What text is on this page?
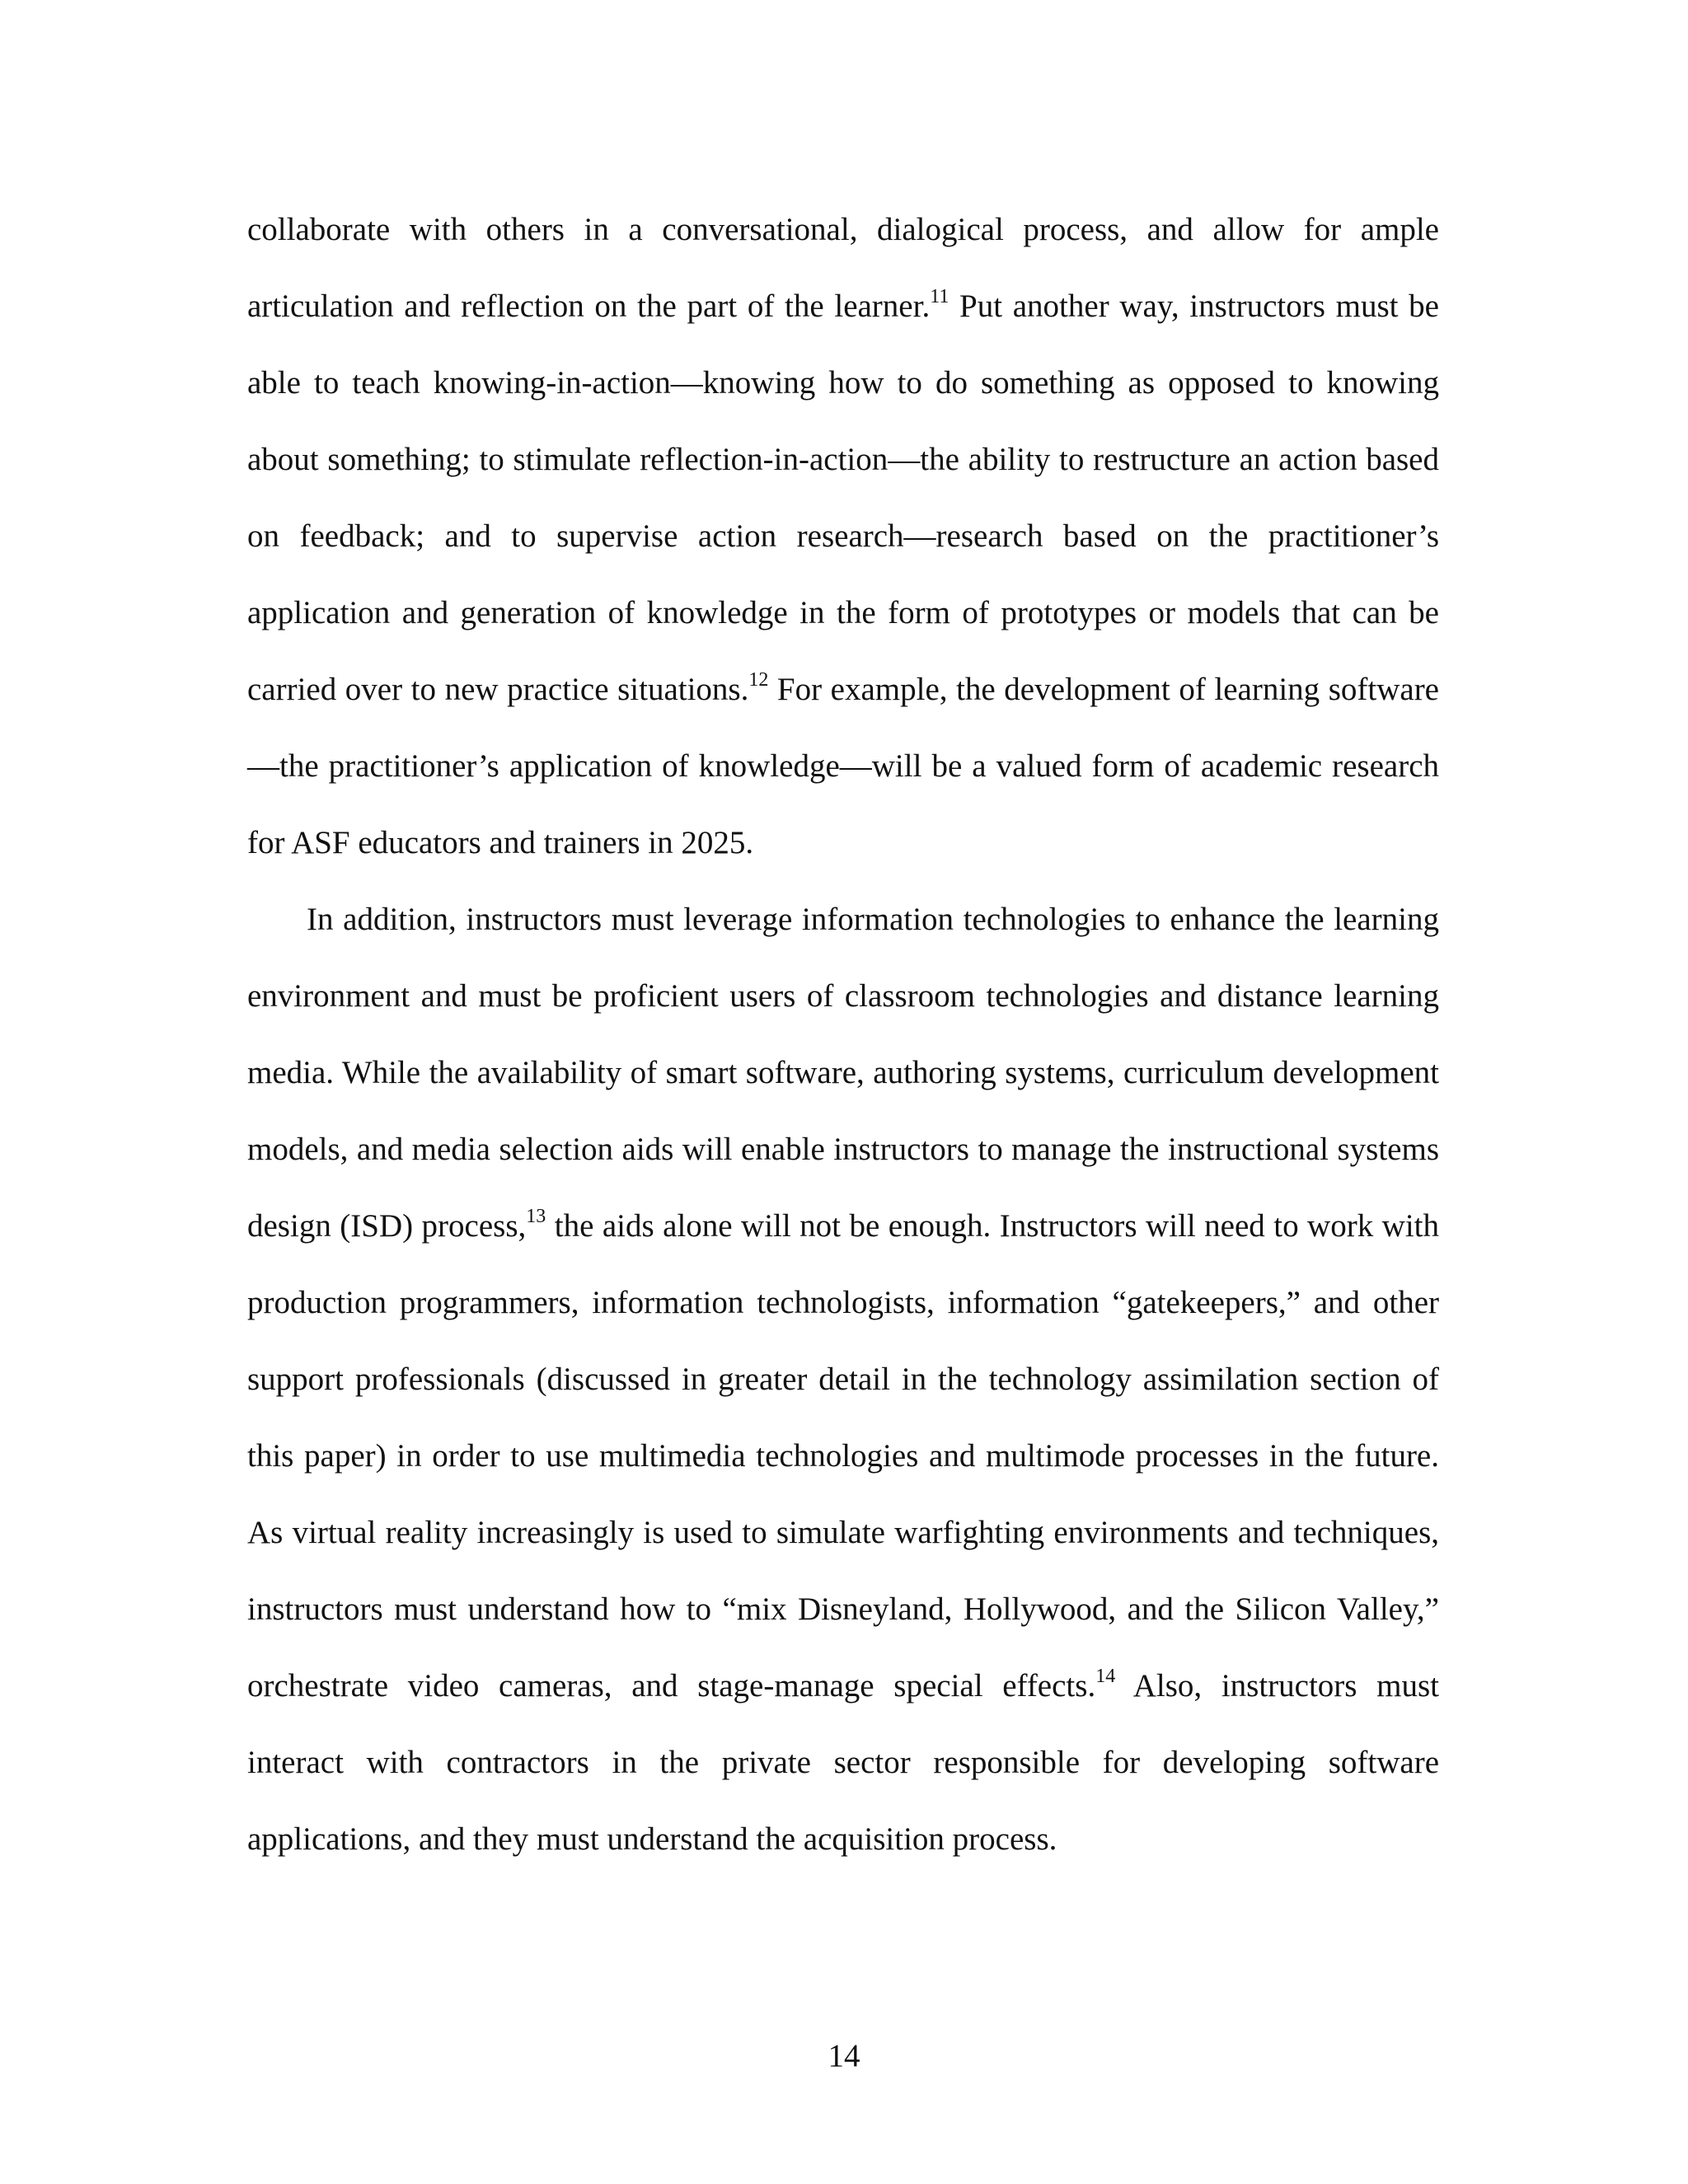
collaborate with others in a conversational, dialogical process, and allow for ample articulation and reflection on the part of the learner.$^{11}$ Put another way, instructors must be able to teach knowing-in-action—knowing how to do something as opposed to knowing about something; to stimulate reflection-in-action—the ability to restructure an action based on feedback; and to supervise action research—research based on the practitioner’s application and generation of knowledge in the form of prototypes or models that can be carried over to new practice situations.$^{12}$ For example, the development of learning software—the practitioner’s application of knowledge—will be a valued form of academic research for ASF educators and trainers in 2025.

In addition, instructors must leverage information technologies to enhance the learning environment and must be proficient users of classroom technologies and distance learning media. While the availability of smart software, authoring systems, curriculum development models, and media selection aids will enable instructors to manage the instructional systems design (ISD) process,$^{13}$ the aids alone will not be enough. Instructors will need to work with production programmers, information technologists, information “gatekeepers,” and other support professionals (discussed in greater detail in the technology assimilation section of this paper) in order to use multimedia technologies and multimode processes in the future. As virtual reality increasingly is used to simulate warfighting environments and techniques, instructors must understand how to “mix Disneyland, Hollywood, and the Silicon Valley,” orchestrate video cameras, and stage-manage special effects.$^{14}$ Also, instructors must interact with contractors in the private sector responsible for developing software applications, and they must understand the acquisition process.

14
